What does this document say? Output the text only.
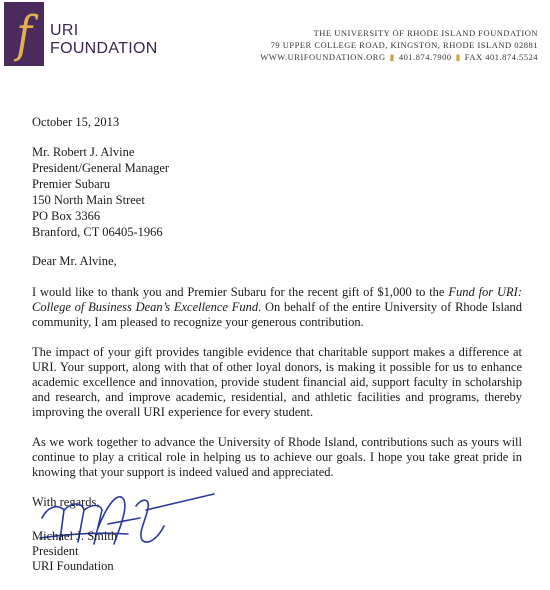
f URI
FOUNDATION
THE UNIVERSITY OF RHODE ISLAND FOUNDATION
79 UPPER COLLEGE ROAD, KINGSTON, RHODE ISLAND 02881
WWW.URIFOUNDATION.ORG ▮ 401.874.7900 ▮ FAX 401.874.5524
October 15, 2013
Mr. Robert J. Alvine
President/General Manager
Premier Subaru
150 North Main Street
PO Box 3366
Branford, CT 06405-1966
Dear Mr. Alvine,
I would like to thank you and Premier Subaru for the recent gift of $1,000 to the Fund for URI: College of Business Dean’s Excellence Fund. On behalf of the entire University of Rhode Island community, I am pleased to recognize your generous contribution.
The impact of your gift provides tangible evidence that charitable support makes a difference at URI. Your support, along with that of other loyal donors, is making it possible for us to enhance academic excellence and innovation, provide student financial aid, support faculty in scholarship and research, and improve academic, residential, and athletic facilities and programs, thereby improving the overall URI experience for every student.
As we work together to advance the University of Rhode Island, contributions such as yours will continue to play a critical role in helping us to achieve our goals. I hope you take great pride in knowing that your support is indeed valued and appreciated.
With regards,
Michael J. Smith
President
URI Foundation
